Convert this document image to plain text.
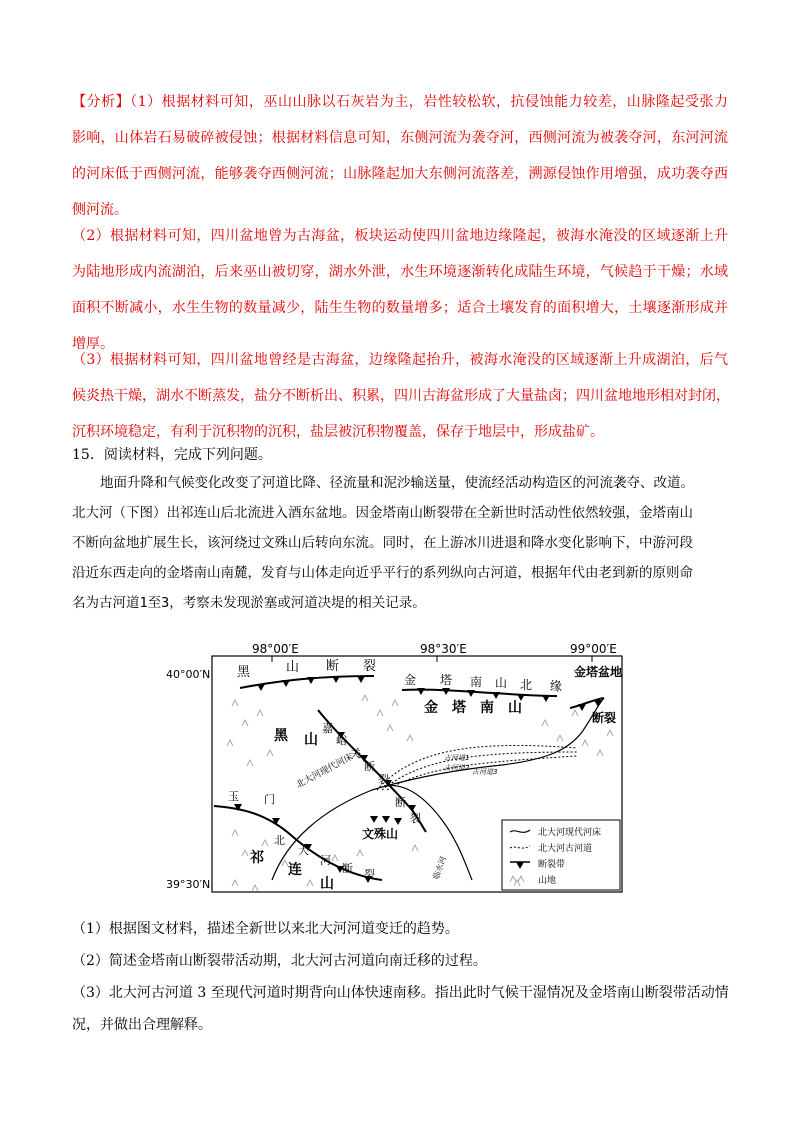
【分析】（1）根据材料可知，巫山山脉以石灰岩为主，岩性较松软，抗侵蚀能力较差，山脉隆起受张力
影响，山体岩石易破碎被侵蚀；根据材料信息可知，东侧河流为袭夺河，西侧河流为被袭夺河，东河河流
的河床低于西侧河流，能够袭夺西侧河流；山脉隆起加大东侧河流落差，溯源侵蚀作用增强，成功袭夺西
侧河流。
（2）根据材料可知，四川盆地曾为古海盆，板块运动使四川盆地边缘隆起，被海水淹没的区域逐渐上升
为陆地形成内流湖泊，后来巫山被切穿，湖水外泄，水生环境逐渐转化成陆生环境，气候趋于干燥；水域
面积不断减小，水生生物的数量减少，陆生生物的数量增多；适合土壤发育的面积增大，土壤逐渐形成并
增厚。
（3）根据材料可知，四川盆地曾经是古海盆，边缘隆起抬升，被海水淹没的区域逐渐上升成湖泊，后气
候炎热干燥，湖水不断蒸发，盐分不断析出、积累，四川古海盆形成了大量盐卤；四川盆地地形相对封闭，
沉积环境稳定，有利于沉积物的沉积，盐层被沉积物覆盖，保存于地层中，形成盐矿。
15．阅读材料，完成下列问题。
地面升降和气候变化改变了河道比降、径流量和泥沙输送量，使流经活动构造区的河流袭夺、改道。
北大河（下图）出祁连山后北流进入酒东盆地。因金塔南山断裂带在全新世时活动性依然较强，金塔南山
不断向盆地扩展生长，该河绕过文殊山后转向东流。同时，在上游冰川进退和降水变化影响下，中游河段
沿近东西走向的金塔南山南麓，发育与山体走向近乎平行的系列纵向古河道，根据年代由老到新的原则命
名为古河道1至3，考察未发现淤塞或河道决堤的相关记录。
98°00′E	98°30′E	99°00′E
40°00′N
39°30′N
黑	山 断 裂
金 塔 南 山 北 缘
金 塔 南 山
金塔盆地
断裂
黑 山
嘉
峪
关
断
裂
断
裂
文殊山
北大河现代河床	古河道1
古河道2 古河道3
玉 门
北
大
河
断 裂
祁
连
山
临水河
北大河现代河床
北大河古河道
断裂带
山地
（1）根据图文材料，描述全新世以来北大河河道变迁的趋势。
（2）简述金塔南山断裂带活动期，北大河古河道向南迁移的过程。
（3）北大河古河道 3 至现代河道时期背向山体快速南移。指出此时气候干湿情况及金塔南山断裂带活动情
况，并做出合理解释。
